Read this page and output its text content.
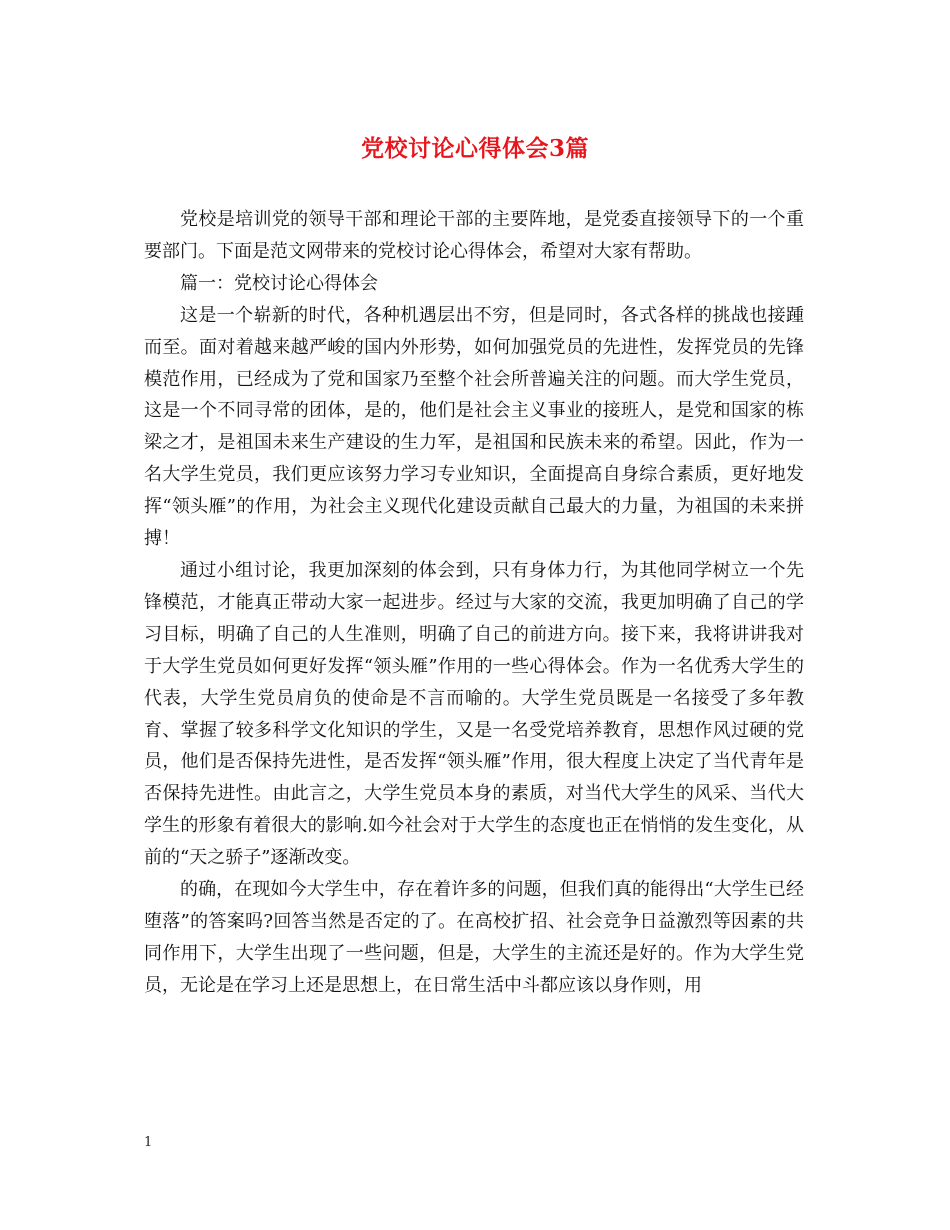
党校讨论心得体会3篇

党校是培训党的领导干部和理论干部的主要阵地，是党委直接领导下的一个重要部门。下面是范文网带来的党校讨论心得体会，希望对大家有帮助。

篇一：党校讨论心得体会

这是一个崭新的时代，各种机遇层出不穷，但是同时，各式各样的挑战也接踵而至。面对着越来越严峻的国内外形势，如何加强党员的先进性，发挥党员的先锋模范作用，已经成为了党和国家乃至整个社会所普遍关注的问题。而大学生党员，这是一个不同寻常的团体，是的，他们是社会主义事业的接班人，是党和国家的栋梁之才，是祖国未来生产建设的生力军，是祖国和民族未来的希望。因此，作为一名大学生党员，我们更应该努力学习专业知识，全面提高自身综合素质，更好地发挥“领头雁”的作用，为社会主义现代化建设贡献自己最大的力量，为祖国的未来拼搏！

通过小组讨论，我更加深刻的体会到，只有身体力行，为其他同学树立一个先锋模范，才能真正带动大家一起进步。经过与大家的交流，我更加明确了自己的学习目标，明确了自己的人生准则，明确了自己的前进方向。接下来，我将讲讲我对于大学生党员如何更好发挥“领头雁”作用的一些心得体会。作为一名优秀大学生的代表，大学生党员肩负的使命是不言而喻的。大学生党员既是一名接受了多年教育、掌握了较多科学文化知识的学生，又是一名受党培养教育，思想作风过硬的党员，他们是否保持先进性，是否发挥“领头雁”作用，很大程度上决定了当代青年是否保持先进性。由此言之，大学生党员本身的素质，对当代大学生的风采、当代大学生的形象有着很大的影响.如今社会对于大学生的态度也正在悄悄的发生变化，从前的“天之骄子”逐渐改变。

的确，在现如今大学生中，存在着许多的问题，但我们真的能得出“大学生已经堕落”的答案吗?回答当然是否定的了。在高校扩招、社会竞争日益激烈等因素的共同作用下，大学生出现了一些问题，但是，大学生的主流还是好的。作为大学生党员，无论是在学习上还是思想上，在日常生活中斗都应该以身作则，用

1
